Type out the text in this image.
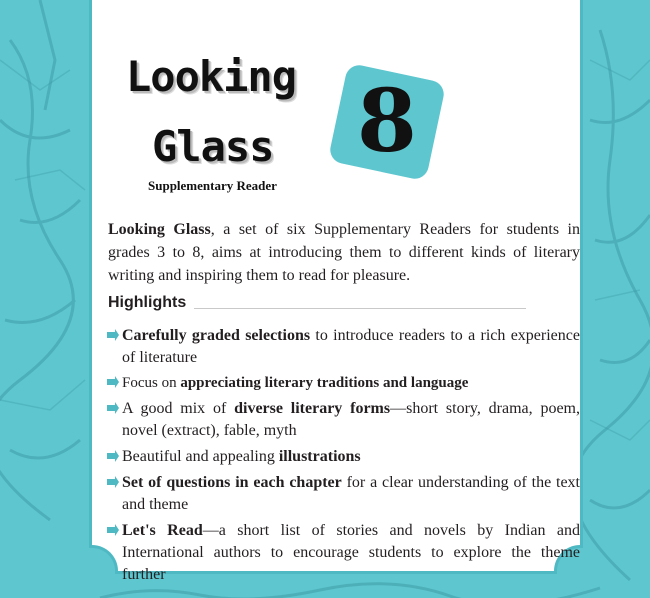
Looking
Glass
Supplementary Reader
8
Looking Glass, a set of six Supplementary Readers for students in grades 3 to 8, aims at introducing them to different kinds of literary writing and inspiring them to read for pleasure.
Highlights
Carefully graded selections to introduce readers to a rich experience of literature
Focus on appreciating literary traditions and language
A good mix of diverse literary forms—short story, drama, poem, novel (extract), fable, myth
Beautiful and appealing illustrations
Set of questions in each chapter for a clear understanding of the text and theme
Let's Read—a short list of stories and novels by Indian and International authors to encourage students to explore the theme further
